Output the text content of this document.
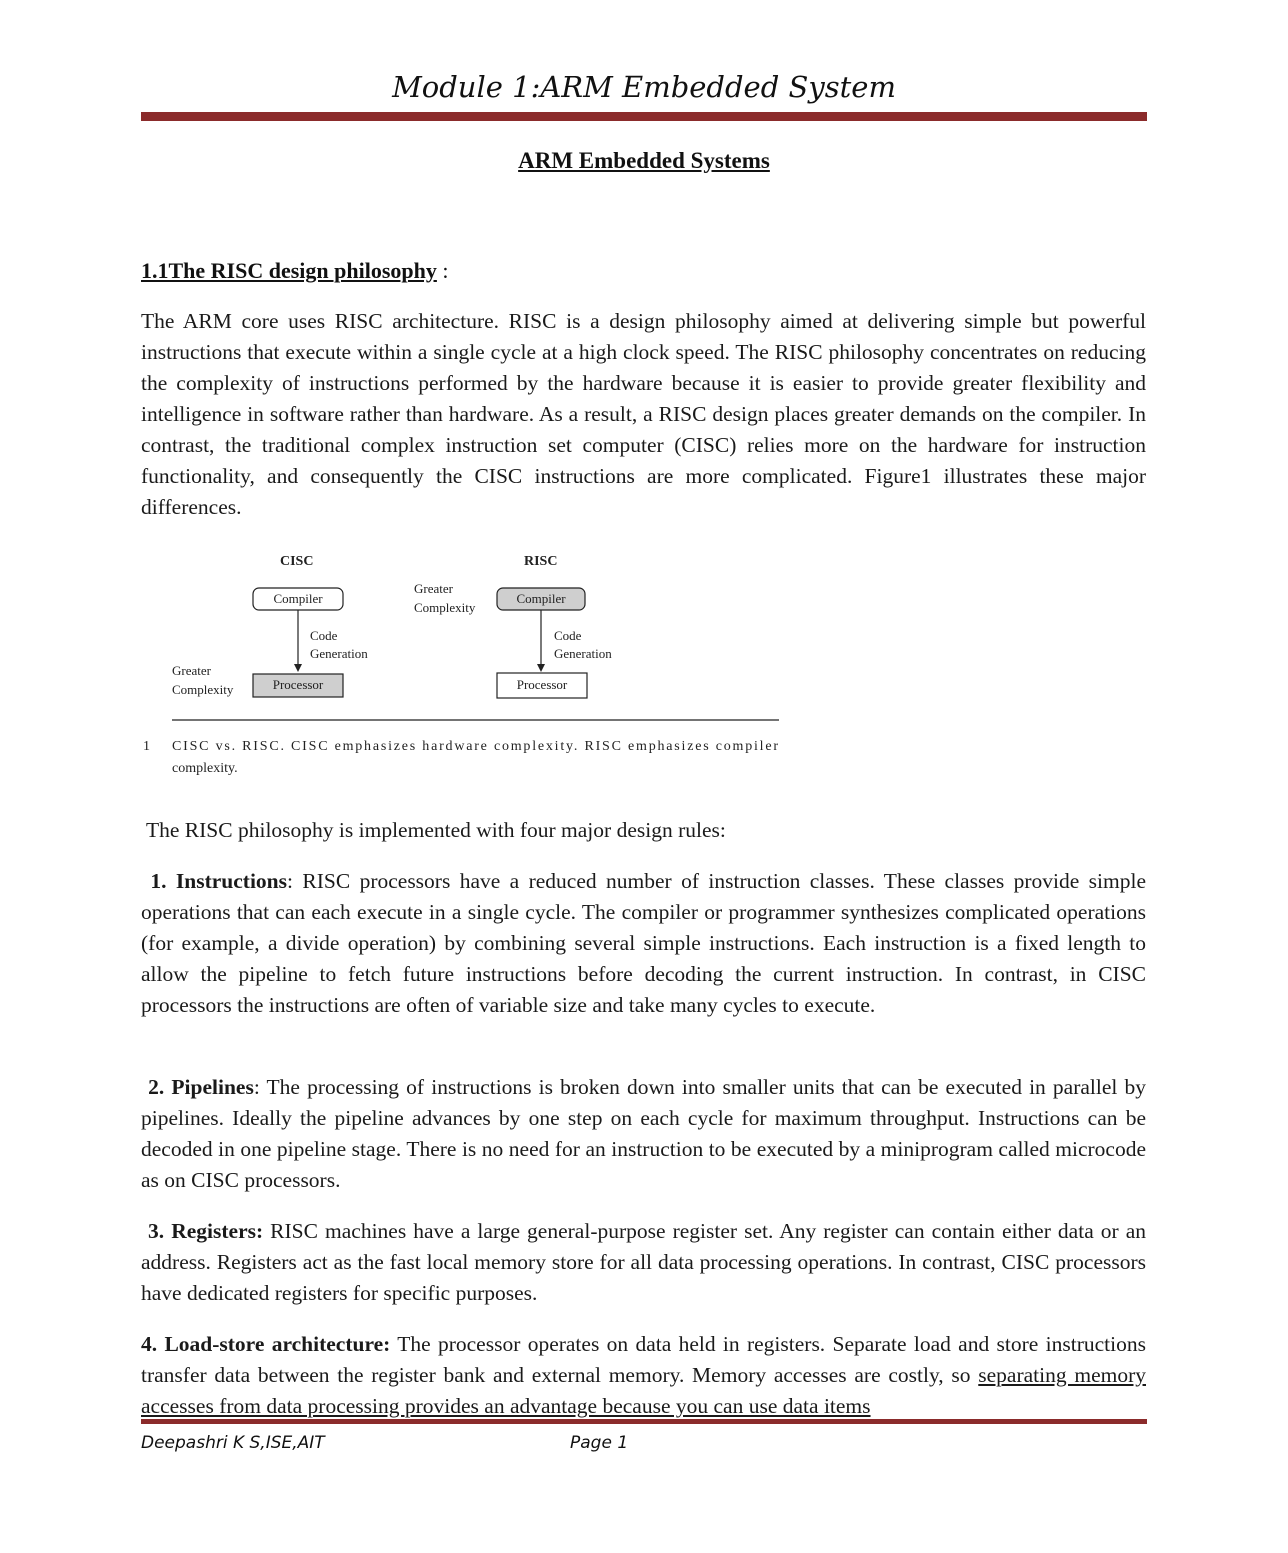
Module 1:ARM Embedded System
ARM Embedded Systems
1.1The RISC design philosophy :

The ARM core uses RISC architecture. RISC is a design philosophy aimed at delivering simple but powerful instructions that execute within a single cycle at a high clock speed. The RISC philosophy concentrates on reducing the complexity of instructions performed by the hardware because it is easier to provide greater flexibility and intelligence in software rather than hardware. As a result, a RISC design places greater demands on the compiler. In contrast, the traditional complex instruction set computer (CISC) relies more on the hardware for instruction functionality, and consequently the CISC instructions are more complicated. Figure1 illustrates these major differences.

CISC
Compiler
Code
Generation
Processor
Greater
Complexity
RISC
Compiler
Code
Generation
Processor
Greater
Complexity
1 CISC vs. RISC. CISC emphasizes hardware complexity. RISC emphasizes compiler
complexity.

The RISC philosophy is implemented with four major design rules:

1. Instructions: RISC processors have a reduced number of instruction classes. These classes provide simple operations that can each execute in a single cycle. The compiler or programmer synthesizes complicated operations (for example, a divide operation) by combining several simple instructions. Each instruction is a fixed length to allow the pipeline to fetch future instructions before decoding the current instruction. In contrast, in CISC processors the instructions are often of variable size and take many cycles to execute.

2. Pipelines: The processing of instructions is broken down into smaller units that can be executed in parallel by pipelines. Ideally the pipeline advances by one step on each cycle for maximum throughput. Instructions can be decoded in one pipeline stage. There is no need for an instruction to be executed by a miniprogram called microcode as on CISC processors.

3. Registers: RISC machines have a large general-purpose register set. Any register can contain either data or an address. Registers act as the fast local memory store for all data processing operations. In contrast, CISC processors have dedicated registers for specific purposes.

4. Load-store architecture: The processor operates on data held in registers. Separate load and store instructions transfer data between the register bank and external memory. Memory accesses are costly, so separating memory accesses from data processing provides an advantage because you can use data items

Deepashri K S,ISE,AIT	Page 1
